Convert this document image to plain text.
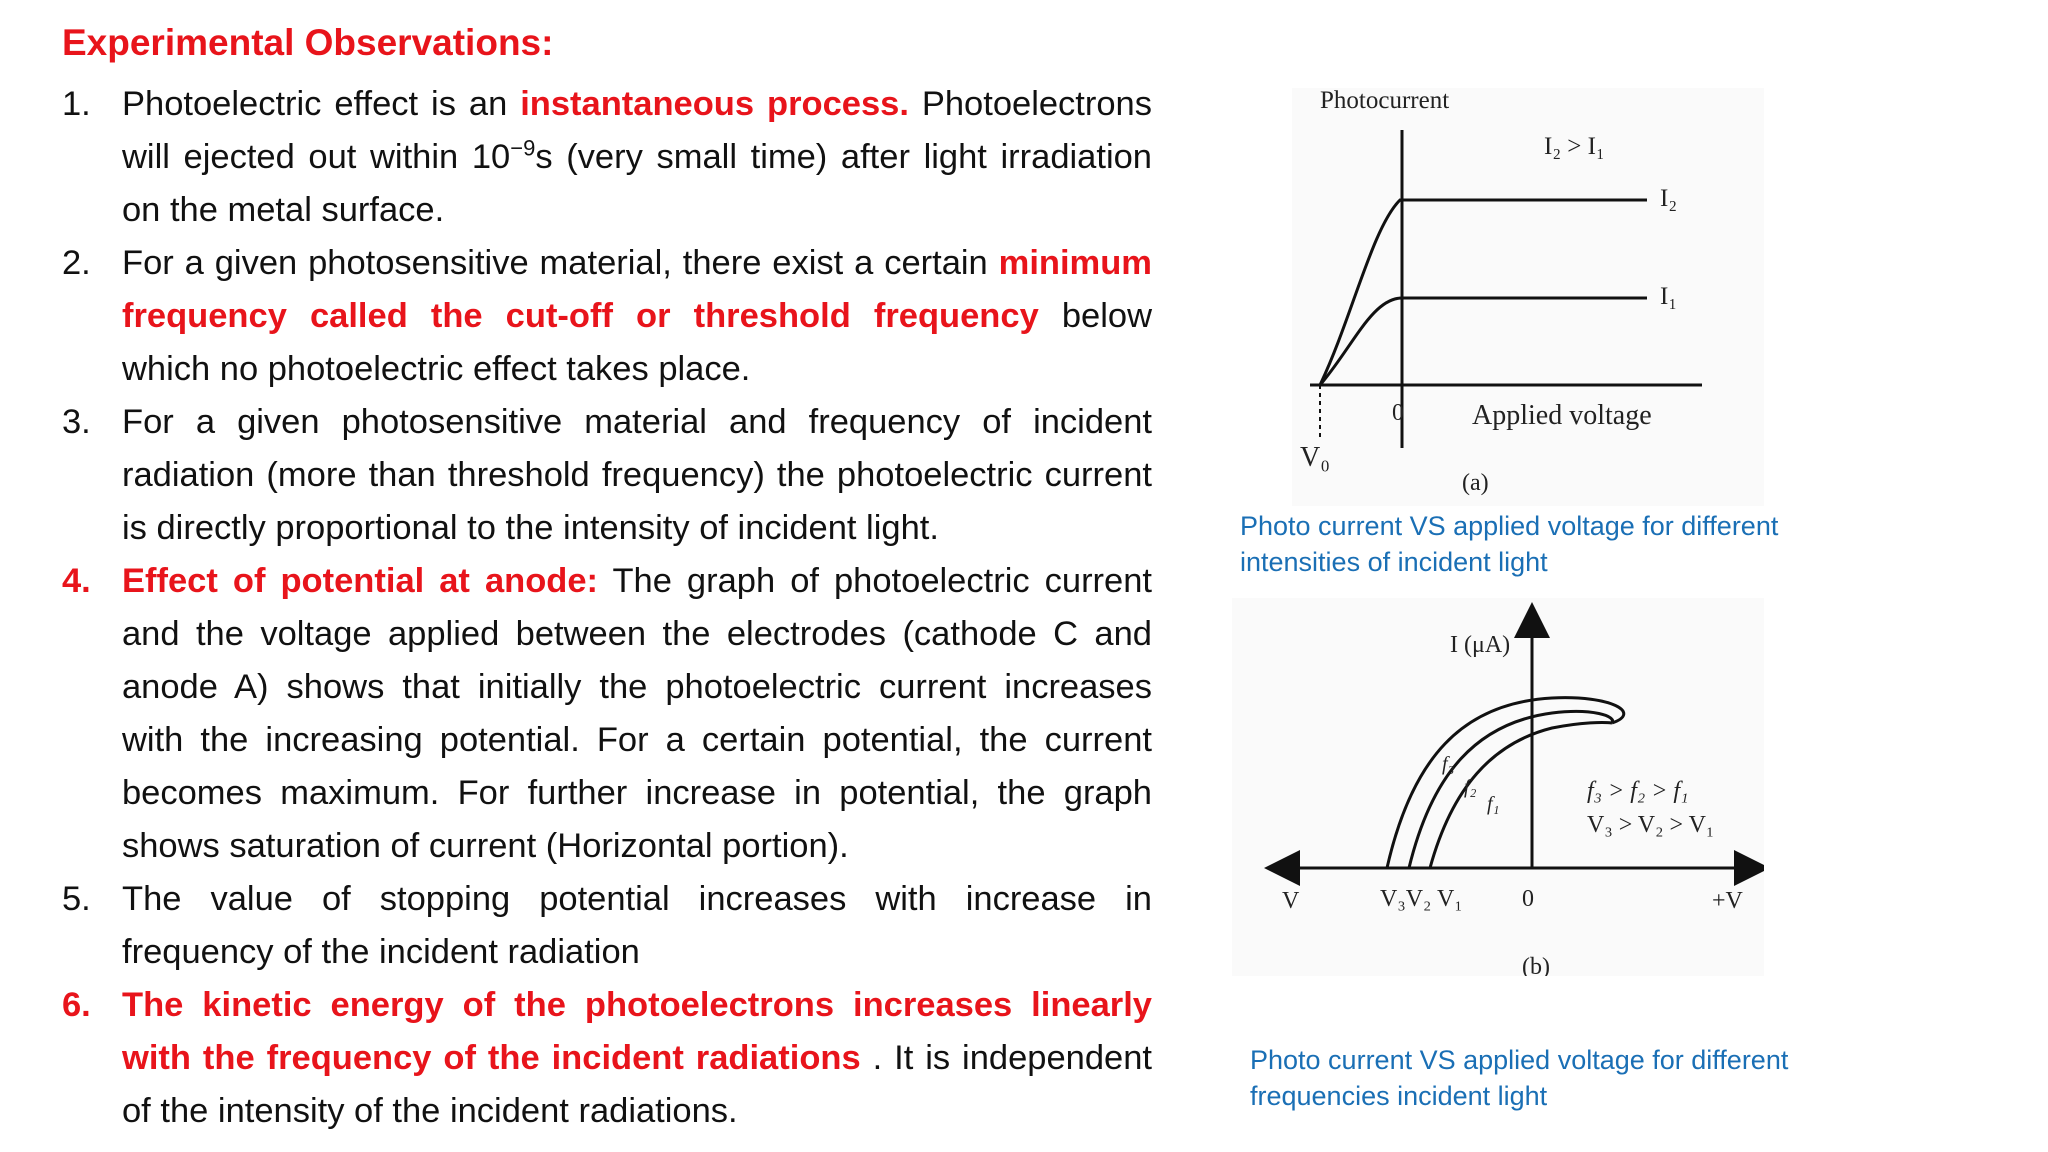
Experimental Observations:
1. Photoelectric effect is an instantaneous process. Photoelectrons will ejected out within $10^{-9}s$ (very small time) after light irradiation on the metal surface.
2. For a given photosensitive material, there exist a certain minimum frequency called the cut-off or threshold frequency below which no photoelectric effect takes place.
3. For a given photosensitive material and frequency of incident radiation (more than threshold frequency) the photoelectric current is directly proportional to the intensity of incident light.
4. Effect of potential at anode: The graph of photoelectric current and the voltage applied between the electrodes (cathode C and anode A) shows that initially the photoelectric current increases with the increasing potential. For a certain potential, the current becomes maximum. For further increase in potential, the graph shows saturation of current (Horizontal portion).
5. The value of stopping potential increases with increase in frequency of the incident radiation
6. The kinetic energy of the photoelectrons increases linearly with the frequency of the incident radiations . It is independent of the intensity of the incident radiations.
Photocurrent
I₂ > I₁
I₂
I₁
0 Applied voltage
V₀
(a)
Photo current VS applied voltage for different
intensities of incident light
I (μA)
f₃
f₂
f₁	f₃ > f₂ > f₁
V₃ > V₂ > V₁
V	V₃V₂ V₁ 0	+V
(b)
Photo current VS applied voltage for different
frequencies incident light
